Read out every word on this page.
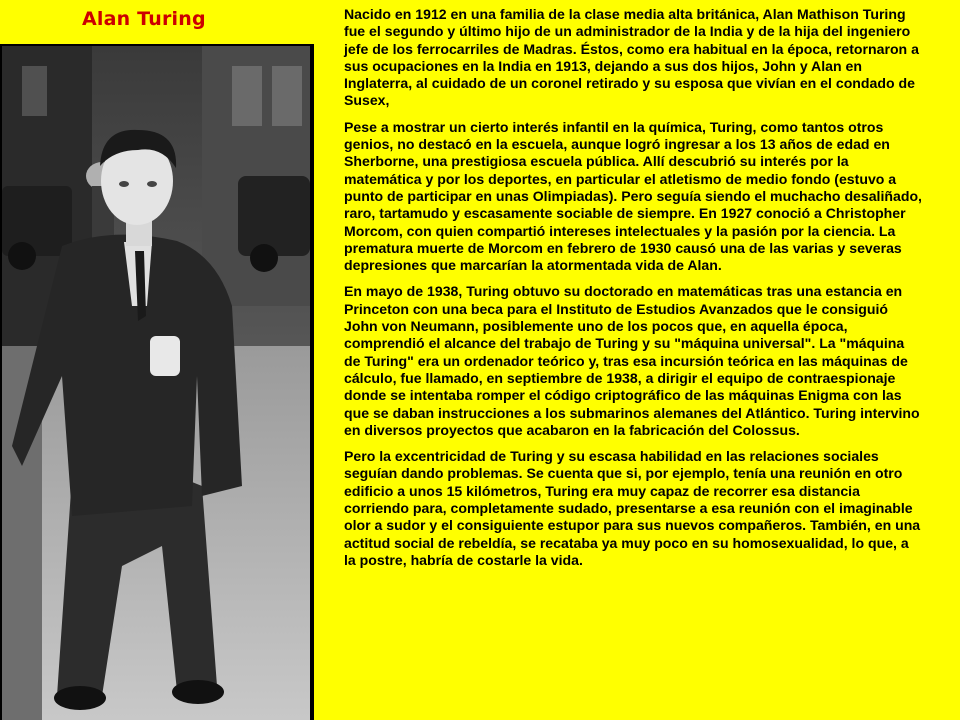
Alan Turing	Nacido en 1912 en una familia de la clase media alta británica, Alan Mathison Turing fue el segundo y último hijo de un administrador de la India y de la hija del ingeniero jefe de los ferrocarriles de Madras. Éstos, como era habitual en la época, retornaron a sus ocupaciones en la India en 1913, dejando a sus dos hijos, John y Alan en Inglaterra, al cuidado de un coronel retirado y su esposa que vivían en el condado de Susex,

Pese a mostrar un cierto interés infantil en la química, Turing, como tantos otros genios, no destacó en la escuela, aunque logró ingresar a los 13 años de edad en Sherborne, una prestigiosa escuela pública. Allí descubrió su interés por la matemática y por los deportes, en particular el atletismo de medio fondo (estuvo a punto de participar en unas Olimpiadas). Pero seguía siendo el muchacho desaliñado, raro, tartamudo y escasamente sociable de siempre. En 1927 conoció a Christopher Morcom, con quien compartió intereses intelectuales y la pasión por la ciencia. La prematura muerte de Morcom en febrero de 1930 causó una de las varias y severas depresiones que marcarían la atormentada vida de Alan.

En mayo de 1938, Turing obtuvo su doctorado en matemáticas tras una estancia en Princeton con una beca para el Instituto de Estudios Avanzados que le consiguió John von Neumann, posiblemente uno de los pocos que, en aquella época, comprendió el alcance del trabajo de Turing y su "máquina universal". La "máquina de Turing" era un ordenador teórico y, tras esa incursión teórica en las máquinas de cálculo, fue llamado, en septiembre de 1938, a dirigir el equipo de contraespionaje donde se intentaba romper el código criptográfico de las máquinas Enigma con las que se daban instrucciones a los submarinos alemanes del Atlántico. Turing intervino en diversos proyectos que acabaron en la fabricación del Colossus.

Pero la excentricidad de Turing y su escasa habilidad en las relaciones sociales seguían dando problemas. Se cuenta que si, por ejemplo, tenía una reunión en otro edificio a unos 15 kilómetros, Turing era muy capaz de recorrer esa distancia corriendo para, completamente sudado, presentarse a esa reunión con el imaginable olor a sudor y el consiguiente estupor para sus nuevos compañeros. También, en una actitud social de rebeldía, se recataba ya muy poco en su homosexualidad, lo que, a la postre, habría de costarle la vida.
